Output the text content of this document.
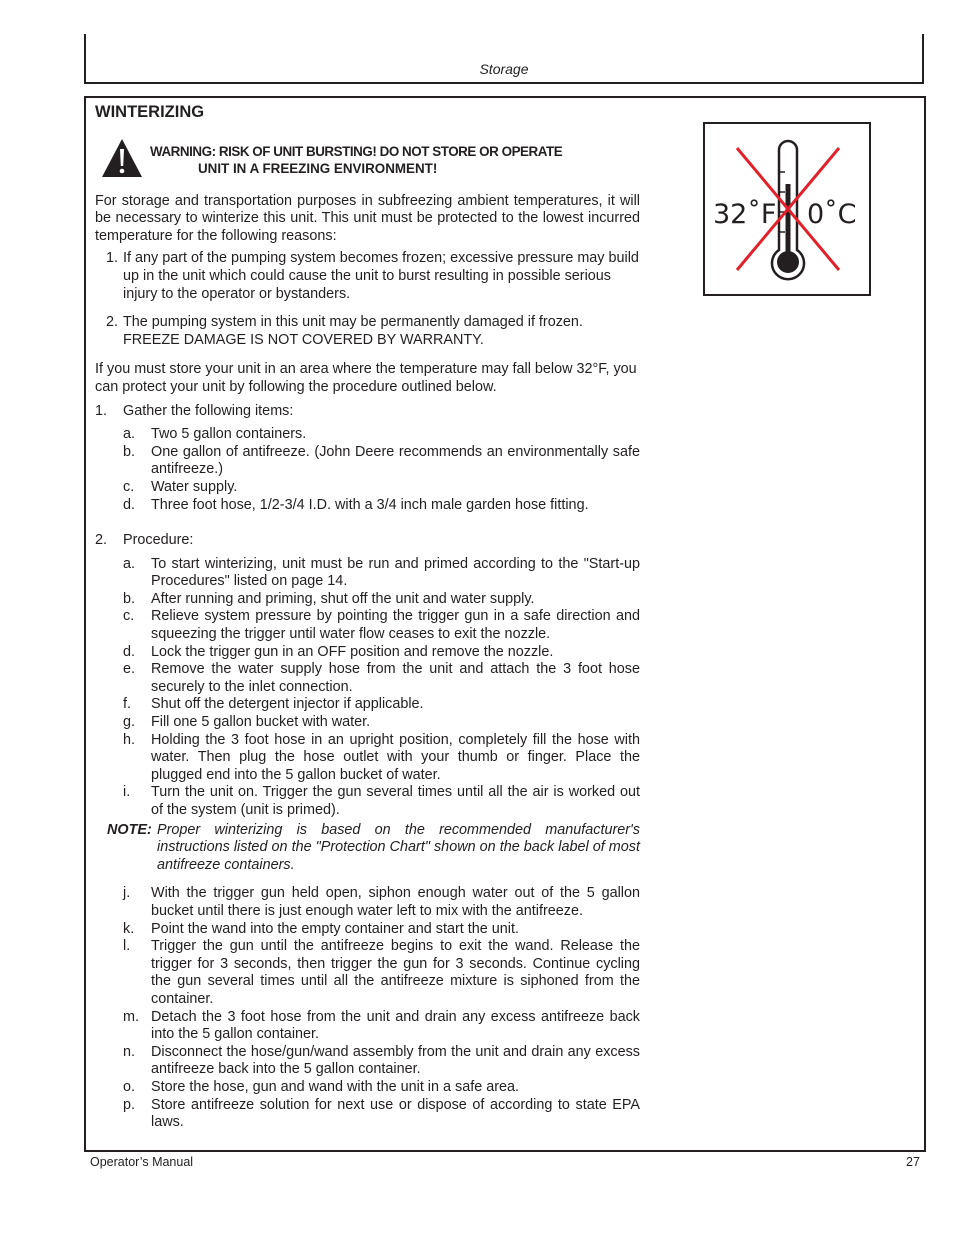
Storage

WINTERIZING

WARNING: RISK OF UNIT BURSTING! DO NOT STORE OR OPERATE
UNIT IN A FREEZING ENVIRONMENT!

For storage and transportation purposes in subfreezing ambient temperatures, it will be necessary to winterize this unit. This unit must be protected to the lowest incurred temperature for the following reasons:

1. If any part of the pumping system becomes frozen; excessive pressure may build up in the unit which could cause the unit to burst resulting in possible serious injury to the operator or bystanders.
2. The pumping system in this unit may be permanently damaged if frozen. FREEZE DAMAGE IS NOT COVERED BY WARRANTY.

If you must store your unit in an area where the temperature may fall below 32°F, you can protect your unit by following the procedure outlined below.

1. Gather the following items:
a. Two 5 gallon containers.
b. One gallon of antifreeze. (John Deere recommends an environmentally safe antifreeze.)
c. Water supply.
d. Three foot hose, 1/2-3/4 I.D. with a 3/4 inch male garden hose fitting.
2. Procedure:
a. To start winterizing, unit must be run and primed according to the "Start-up Procedures" listed on page 14.
b. After running and priming, shut off the unit and water supply.
c. Relieve system pressure by pointing the trigger gun in a safe direction and squeezing the trigger until water flow ceases to exit the nozzle.
d. Lock the trigger gun in an OFF position and remove the nozzle.
e. Remove the water supply hose from the unit and attach the 3 foot hose securely to the inlet connection.
f. Shut off the detergent injector if applicable.
g. Fill one 5 gallon bucket with water.
h. Holding the 3 foot hose in an upright position, completely fill the hose with water. Then plug the hose outlet with your thumb or finger. Place the plugged end into the 5 gallon bucket of water.
i. Turn the unit on. Trigger the gun several times until all the air is worked out of the system (unit is primed).
NOTE: Proper winterizing is based on the recommended manufacturer's instructions listed on the "Protection Chart" shown on the back label of most antifreeze containers.
j. With the trigger gun held open, siphon enough water out of the 5 gallon bucket until there is just enough water left to mix with the antifreeze.
k. Point the wand into the empty container and start the unit.
l. Trigger the gun until the antifreeze begins to exit the wand. Release the trigger for 3 seconds, then trigger the gun for 3 seconds. Continue cycling the gun several times until all the antifreeze mixture is siphoned from the container.
m. Detach the 3 foot hose from the unit and drain any excess antifreeze back into the 5 gallon container.
n. Disconnect the hose/gun/wand assembly from the unit and drain any excess antifreeze back into the 5 gallon container.
o. Store the hose, gun and wand with the unit in a safe area.
p. Store antifreeze solution for next use or dispose of according to state EPA laws.
32˚F 0˚C
Operator’s Manual	27
